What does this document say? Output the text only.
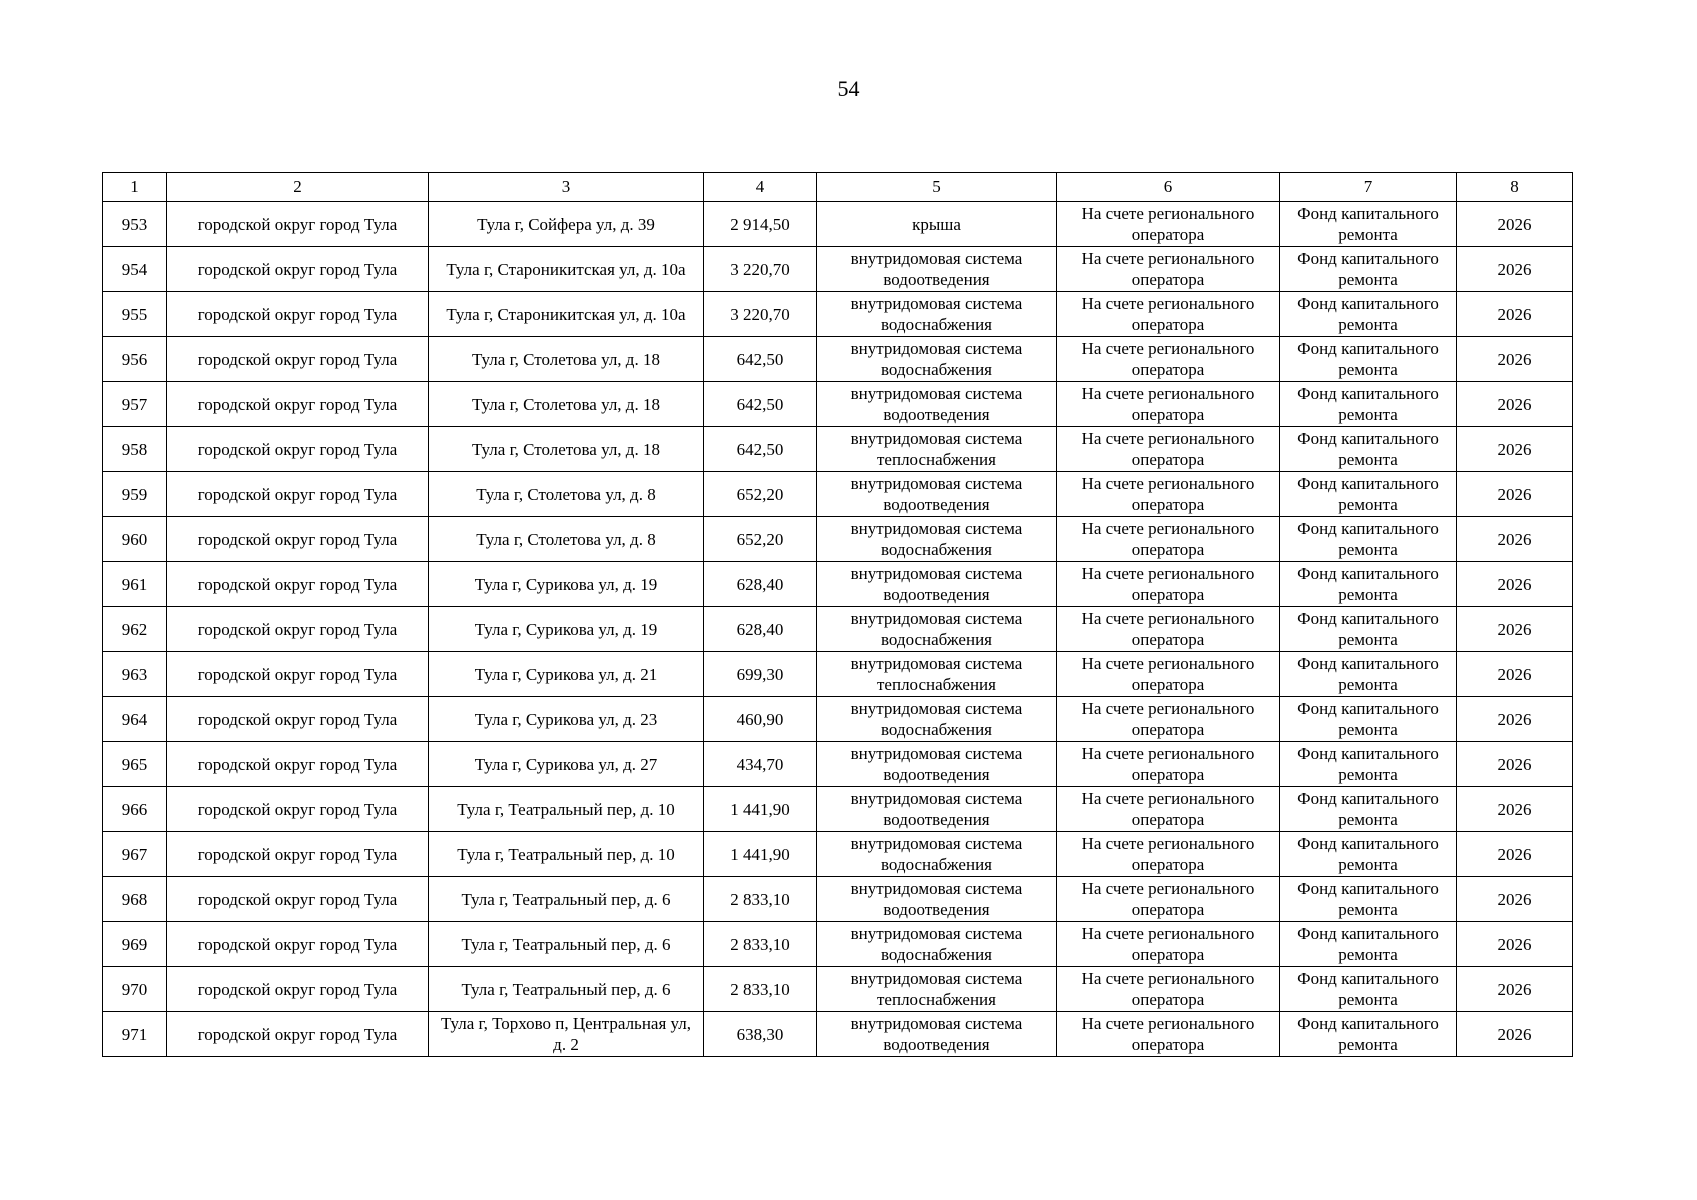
54
1	2	3	4	5	6	7	8
953	городской округ город Тула	Тула г, Сойфера ул, д. 39	2 914,50	крыша	На счете регионального оператора	Фонд капитального ремонта	2026
954	городской округ город Тула	Тула г, Староникитская ул, д. 10а	3 220,70	внутридомовая система водоотведения	На счете регионального оператора	Фонд капитального ремонта	2026
955	городской округ город Тула	Тула г, Староникитская ул, д. 10а	3 220,70	внутридомовая система водоснабжения	На счете регионального оператора	Фонд капитального ремонта	2026
956	городской округ город Тула	Тула г, Столетова ул, д. 18	642,50	внутридомовая система водоснабжения	На счете регионального оператора	Фонд капитального ремонта	2026
957	городской округ город Тула	Тула г, Столетова ул, д. 18	642,50	внутридомовая система водоотведения	На счете регионального оператора	Фонд капитального ремонта	2026
958	городской округ город Тула	Тула г, Столетова ул, д. 18	642,50	внутридомовая система теплоснабжения	На счете регионального оператора	Фонд капитального ремонта	2026
959	городской округ город Тула	Тула г, Столетова ул, д. 8	652,20	внутридомовая система водоотведения	На счете регионального оператора	Фонд капитального ремонта	2026
960	городской округ город Тула	Тула г, Столетова ул, д. 8	652,20	внутридомовая система водоснабжения	На счете регионального оператора	Фонд капитального ремонта	2026
961	городской округ город Тула	Тула г, Сурикова ул, д. 19	628,40	внутридомовая система водоотведения	На счете регионального оператора	Фонд капитального ремонта	2026
962	городской округ город Тула	Тула г, Сурикова ул, д. 19	628,40	внутридомовая система водоснабжения	На счете регионального оператора	Фонд капитального ремонта	2026
963	городской округ город Тула	Тула г, Сурикова ул, д. 21	699,30	внутридомовая система теплоснабжения	На счете регионального оператора	Фонд капитального ремонта	2026
964	городской округ город Тула	Тула г, Сурикова ул, д. 23	460,90	внутридомовая система водоснабжения	На счете регионального оператора	Фонд капитального ремонта	2026
965	городской округ город Тула	Тула г, Сурикова ул, д. 27	434,70	внутридомовая система водоотведения	На счете регионального оператора	Фонд капитального ремонта	2026
966	городской округ город Тула	Тула г, Театральный пер, д. 10	1 441,90	внутридомовая система водоотведения	На счете регионального оператора	Фонд капитального ремонта	2026
967	городской округ город Тула	Тула г, Театральный пер, д. 10	1 441,90	внутридомовая система водоснабжения	На счете регионального оператора	Фонд капитального ремонта	2026
968	городской округ город Тула	Тула г, Театральный пер, д. 6	2 833,10	внутридомовая система водоотведения	На счете регионального оператора	Фонд капитального ремонта	2026
969	городской округ город Тула	Тула г, Театральный пер, д. 6	2 833,10	внутридомовая система водоснабжения	На счете регионального оператора	Фонд капитального ремонта	2026
970	городской округ город Тула	Тула г, Театральный пер, д. 6	2 833,10	внутридомовая система теплоснабжения	На счете регионального оператора	Фонд капитального ремонта	2026
971	городской округ город Тула	Тула г, Торхово п, Центральная ул, д. 2	638,30	внутридомовая система водоотведения	На счете регионального оператора	Фонд капитального ремонта	2026
